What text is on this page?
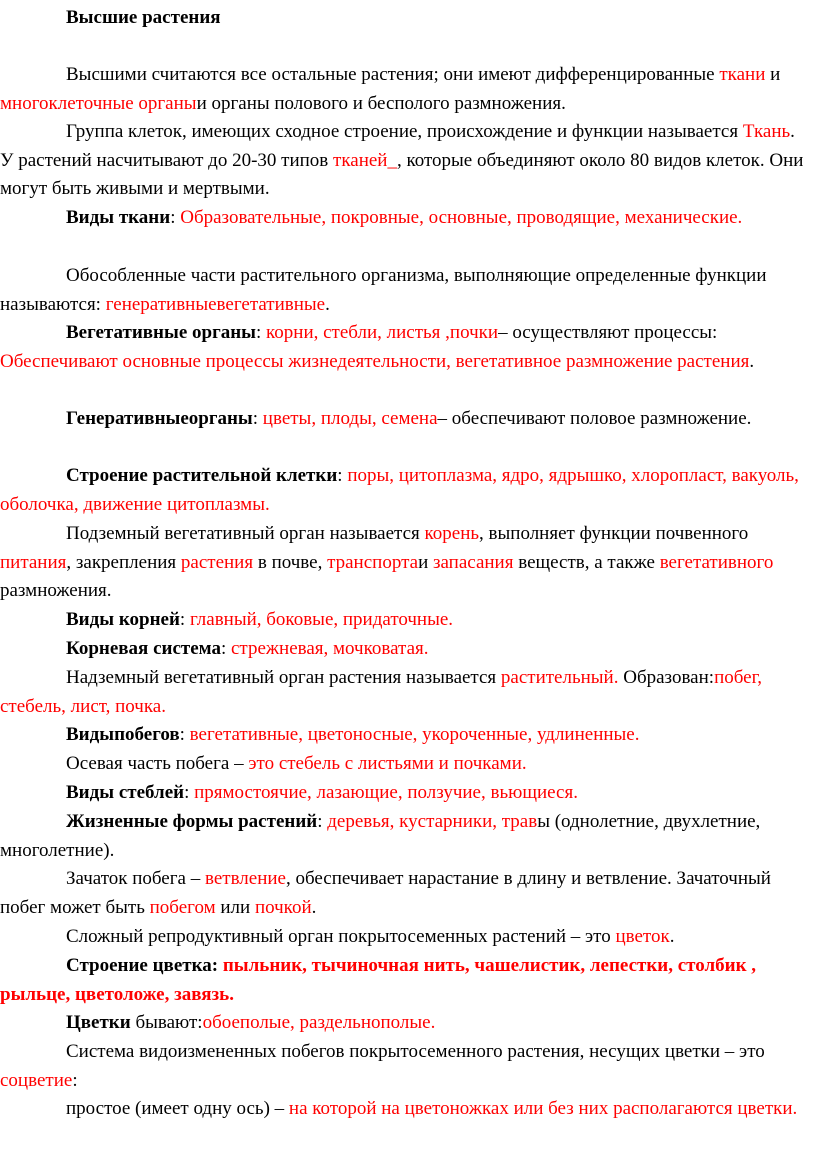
Высшие растения
Высшими считаются все остальные растения; они имеют дифференцированные ткани и многоклеточные органыи органы полового и бесполого размножения.
Группа клеток, имеющих сходное строение, происхождение и функции называется Ткань. У растений насчитывают до 20-30 типов тканей_, которые объединяют около 80 видов клеток. Они могут быть живыми и мертвыми.
Виды ткани: Образовательные, покровные, основные, проводящие, механические.
Обособленные части растительного организма, выполняющие определенные функции называются: генеративныевегетативные.
Вегетативные органы: корни, стебли, листья ,почки– осуществляют процессы: Обеспечивают основные процессы жизнедеятельности, вегетативное размножение растения.
Генеративныеорганы: цветы, плоды, семена– обеспечивают половое размножение.
Строение растительной клетки: поры, цитоплазма, ядро, ядрышко, хлоропласт, вакуоль, оболочка, движение цитоплазмы.
Подземный вегетативный орган называется корень, выполняет функции почвенного питания, закрепления растения в почве, транспортаи запасания веществ, а также вегетативного размножения.
Виды корней: главный, боковые, придаточные.
Корневая система: стрежневая, мочковатая.
Надземный вегетативный орган растения называется растительный. Образован:побег, стебель, лист, почка.
Видыпобегов: вегетативные, цветоносные, укороченные, удлиненные.
Осевая часть побега – это стебель с листьями и почками.
Виды стеблей: прямостоячие, лазающие, ползучие, вьющиеся.
Жизненные формы растений: деревья, кустарники, травы (однолетние, двухлетние, многолетние).
Зачаток побега – ветвление, обеспечивает нарастание в длину и ветвление. Зачаточный побег может быть побегом или почкой.
Сложный репродуктивный орган покрытосеменных растений – это цветок.
Строение цветка: пыльник, тычиночная нить, чашелистик, лепестки, столбик , рыльце, цветоложе, завязь.
Цветки бывают:обоеполые, раздельнополые.
Система видоизмененных побегов покрытосеменного растения, несущих цветки – это соцветие:
простое (имеет одну ось) – на которой на цветоножках или без них располагаются цветки.
